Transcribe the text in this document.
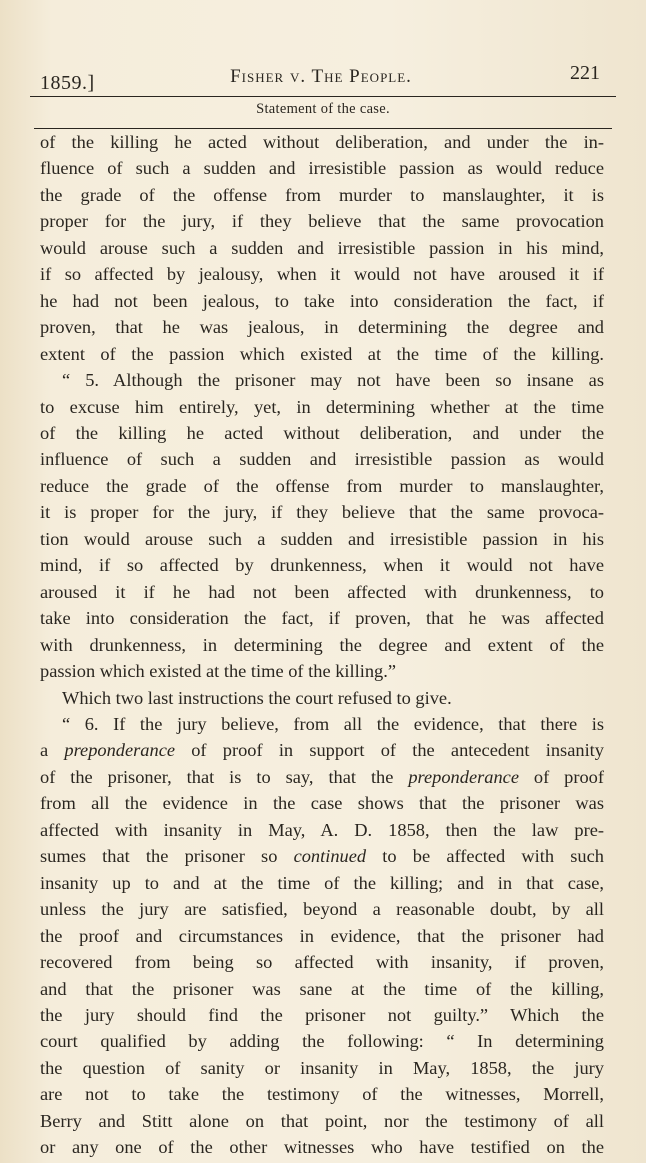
1859.]	Fisher v. The People.	221
Statement of the case.
of the killing he acted without deliberation, and under the in-
fluence of such a sudden and irresistible passion as would reduce
the grade of the offense from murder to manslaughter, it is
proper for the jury, if they believe that the same provocation
would arouse such a sudden and irresistible passion in his mind,
if so affected by jealousy, when it would not have aroused it if
he had not been jealous, to take into consideration the fact, if
proven, that he was jealous, in determining the degree and
extent of the passion which existed at the time of the killing.
“ 5. Although the prisoner may not have been so insane as
to excuse him entirely, yet, in determining whether at the time
of the killing he acted without deliberation, and under the
influence of such a sudden and irresistible passion as would
reduce the grade of the offense from murder to manslaughter,
it is proper for the jury, if they believe that the same provoca-
tion would arouse such a sudden and irresistible passion in his
mind, if so affected by drunkenness, when it would not have
aroused it if he had not been affected with drunkenness, to
take into consideration the fact, if proven, that he was affected
with drunkenness, in determining the degree and extent of the
passion which existed at the time of the killing.”
Which two last instructions the court refused to give.
“ 6. If the jury believe, from all the evidence, that there is
a preponderance of proof in support of the antecedent insanity
of the prisoner, that is to say, that the preponderance of proof
from all the evidence in the case shows that the prisoner was
affected with insanity in May, A. D. 1858, then the law pre-
sumes that the prisoner so continued to be affected with such
insanity up to and at the time of the killing; and in that case,
unless the jury are satisfied, beyond a reasonable doubt, by all
the proof and circumstances in evidence, that the prisoner had
recovered from being so affected with insanity, if proven,
and that the prisoner was sane at the time of the killing,
the jury should find the prisoner not guilty.” Which the
court qualified by adding the following: “ In determining
the question of sanity or insanity in May, 1858, the jury
are not to take the testimony of the witnesses, Morrell,
Berry and Stitt alone on that point, nor the testimony of all
or any one of the other witnesses who have testified on the
